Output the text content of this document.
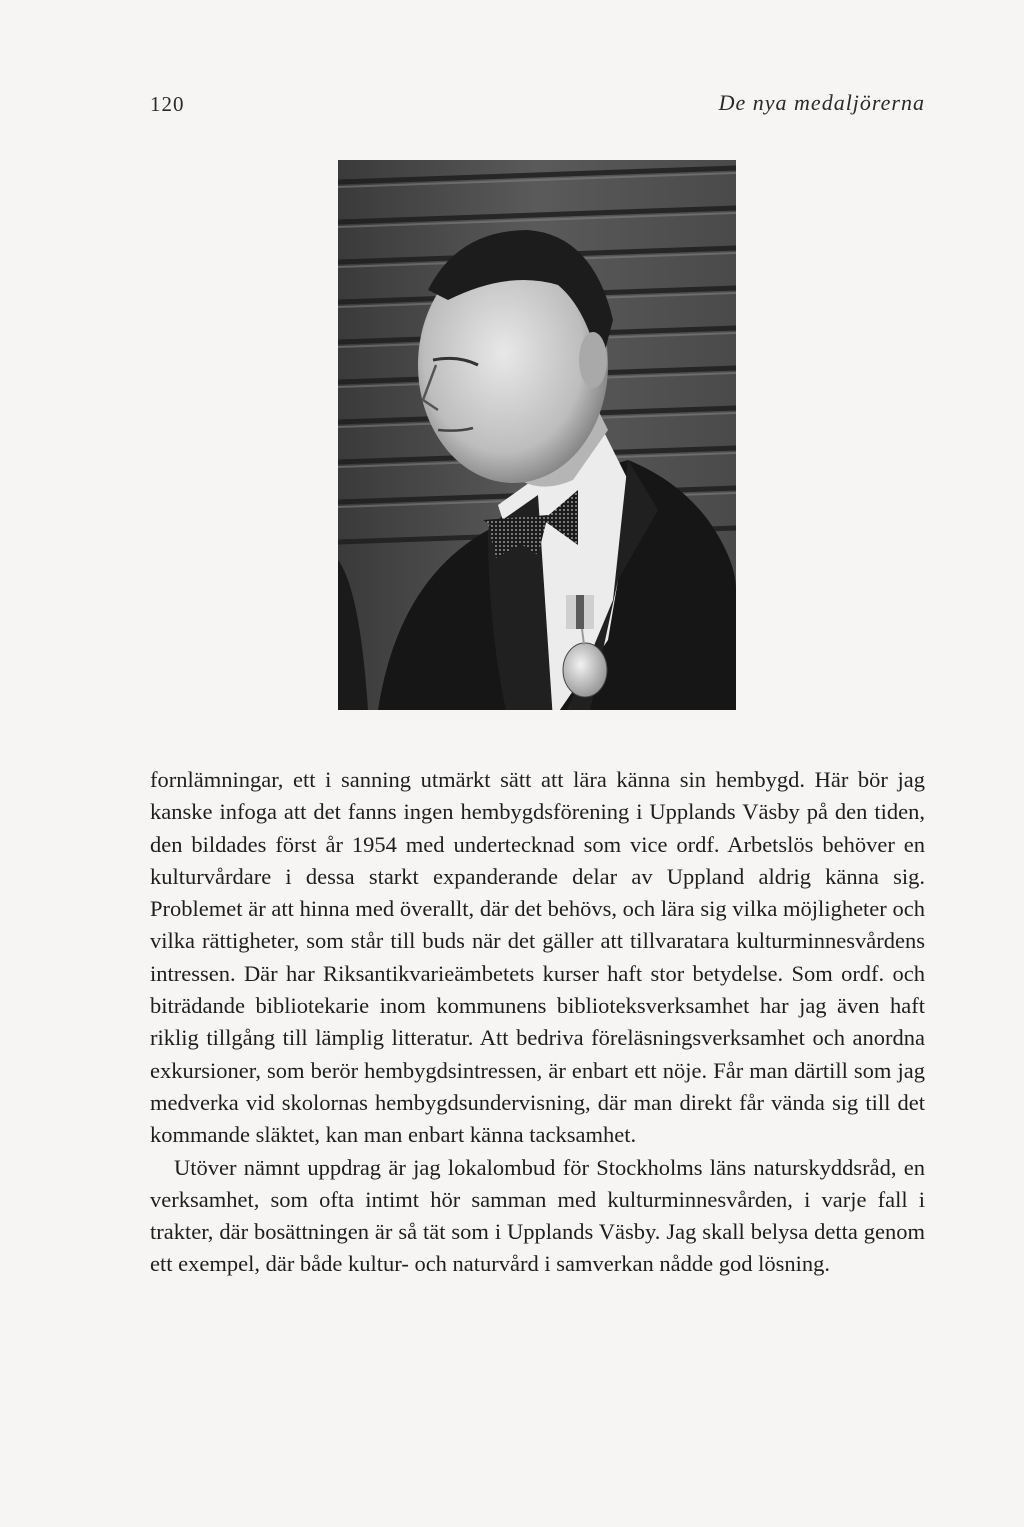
120	De nya medaljörerna

fornlämningar, ett i sanning utmärkt sätt att lära känna sin hembygd. Här bör jag kanske infoga att det fanns ingen hembygdsförening i Upplands Väsby på den tiden, den bildades först år 1954 med undertecknad som vice ordf. Arbetslös behöver en kulturvårdare i dessa starkt expanderande delar av Uppland aldrig känna sig. Problemet är att hinna med överallt, där det behövs, och lära sig vilka möjligheter och vilka rättigheter, som står till buds när det gäller att tillvaratага kulturminnesvårdens intressen. Där har Riksantikvarieämbetets kurser haft stor betydelse. Som ordf. och biträdande bibliotekarie inom kommunens biblioteksverksamhet har jag även haft riklig tillgång till lämplig litteratur. Att bedriva föreläsningsverksamhet och anordna exkursioner, som berör hembygdsintressen, är enbart ett nöje. Får man därtill som jag medverka vid skolornas hembygdsundervisning, där man direkt får vända sig till det kommande släktet, kan man enbart känna tacksamhet.

Utöver nämnt uppdrag är jag lokalombud för Stockholms läns naturskyddsråd, en verksamhet, som ofta intimt hör samman med kulturminnesvården, i varje fall i trakter, där bosättningen är så tät som i Upplands Väsby. Jag skall belysa detta genom ett exempel, där både kultur- och naturvård i samverkan nådde god lösning.
